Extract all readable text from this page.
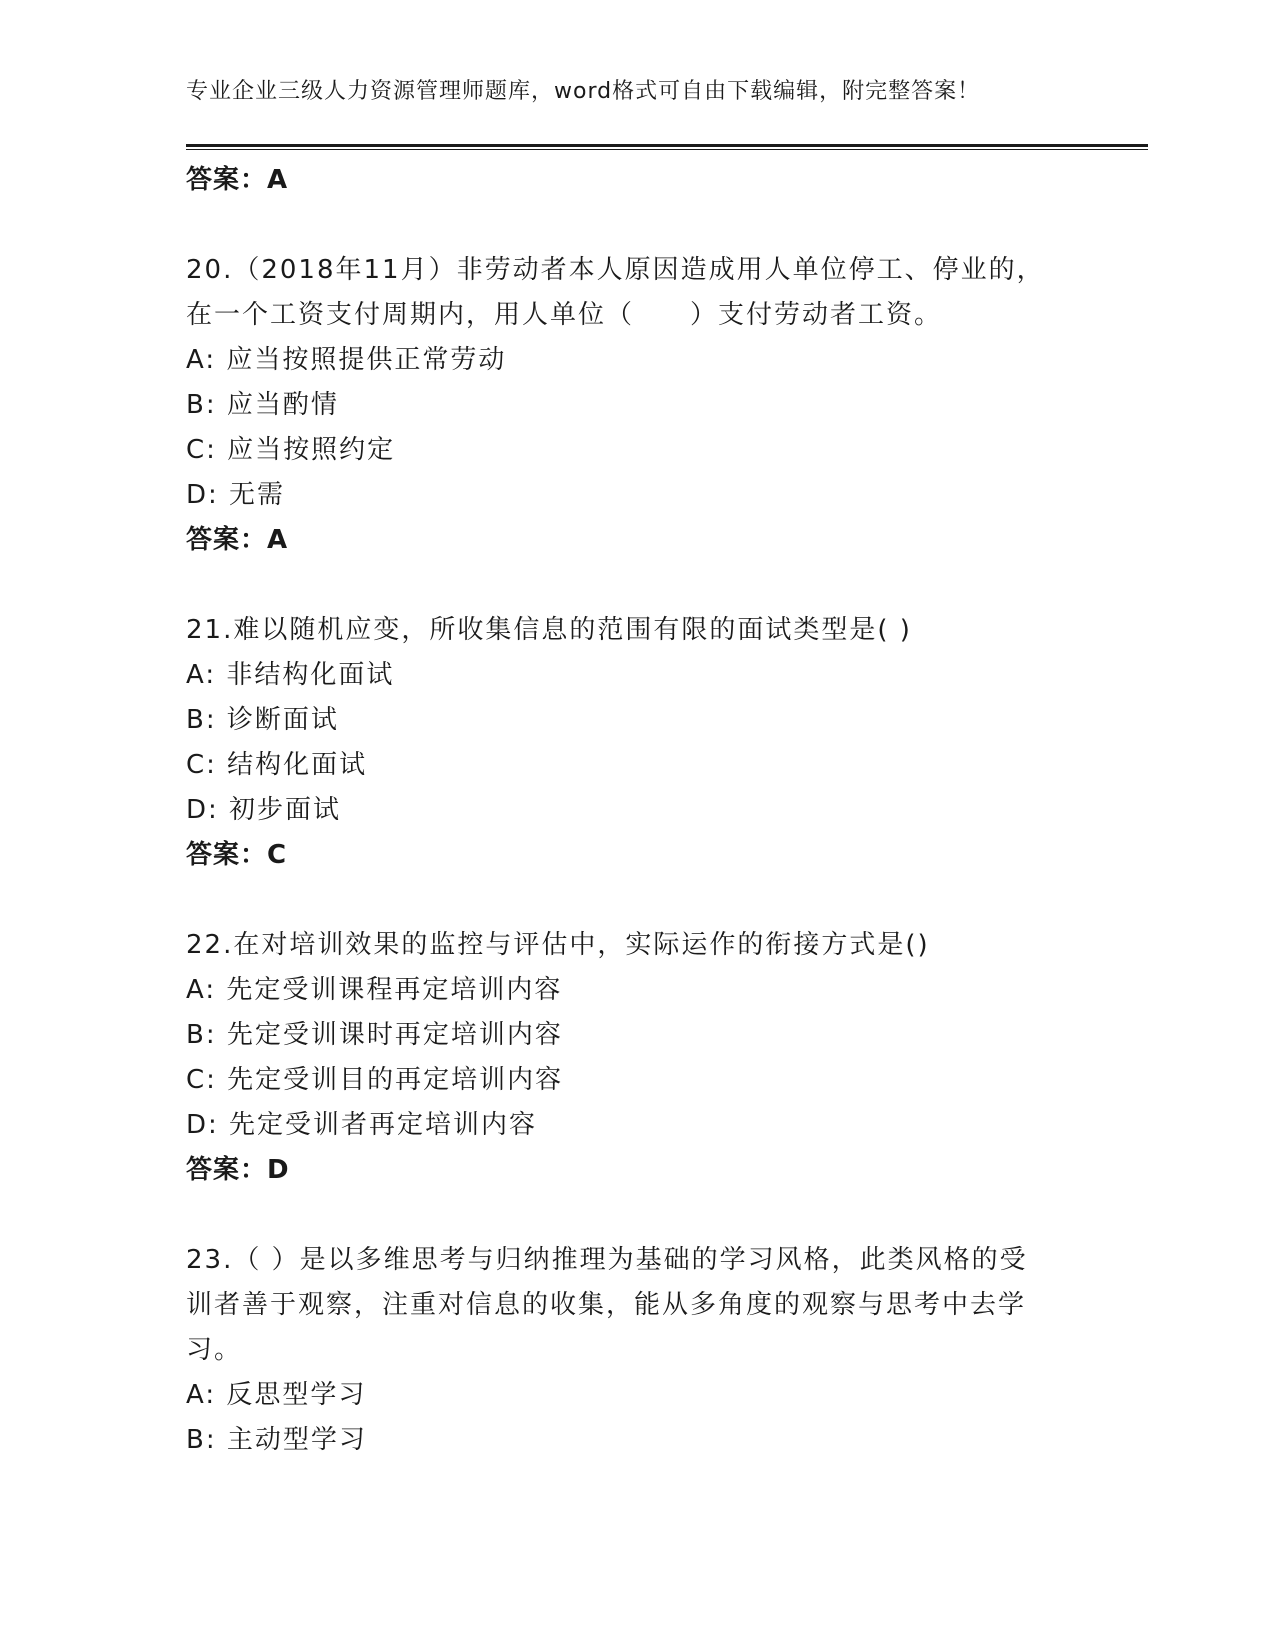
专业企业三级人力资源管理师题库，word格式可自由下载编辑，附完整答案！
答案：A
20.（2018年11月）非劳动者本人原因造成用人单位停工、停业的，
在一个工资支付周期内，用人单位（　　）支付劳动者工资。
A: 应当按照提供正常劳动
B: 应当酌情
C: 应当按照约定
D: 无需
答案：A
21.难以随机应变，所收集信息的范围有限的面试类型是( )
A: 非结构化面试
B: 诊断面试
C: 结构化面试
D: 初步面试
答案：C
22.在对培训效果的监控与评估中，实际运作的衔接方式是()
A: 先定受训课程再定培训内容
B: 先定受训课时再定培训内容
C: 先定受训目的再定培训内容
D: 先定受训者再定培训内容
答案：D
23.（ ）是以多维思考与归纳推理为基础的学习风格，此类风格的受
训者善于观察，注重对信息的收集，能从多角度的观察与思考中去学
习。
A: 反思型学习
B: 主动型学习
